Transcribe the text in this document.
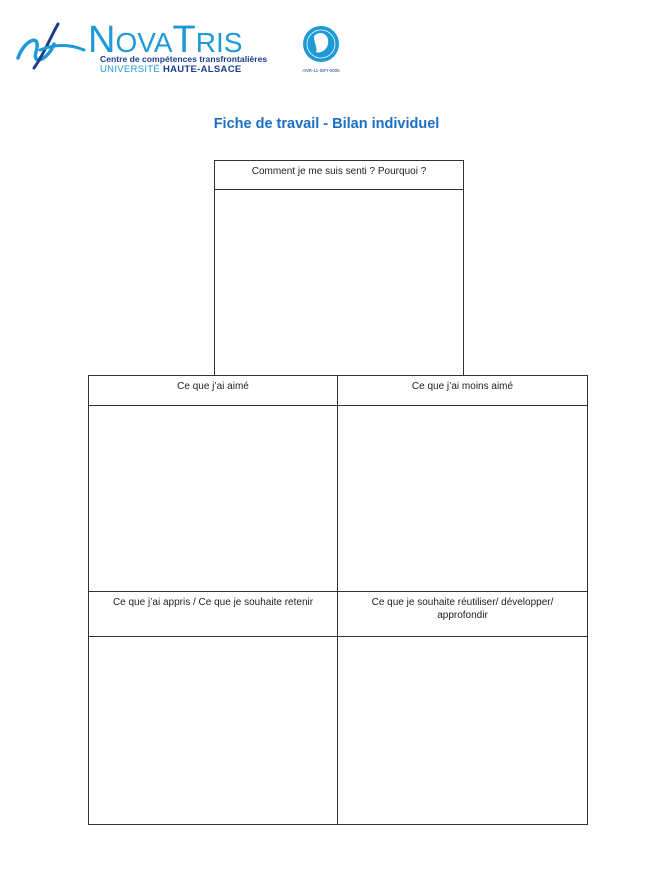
NOVATRIS
Centre de compétences transfrontalières
UNIVERSITÉ HAUTE-ALSACE	ANR-11-IDFI-0005
Fiche de travail - Bilan individuel
Comment je me suis senti ? Pourquoi ?
Ce que j’ai aimé	Ce que j’ai moins aimé
Ce que j’ai appris / Ce que je souhaite retenir	Ce que je souhaite réutiliser/ développer/ approfondir
